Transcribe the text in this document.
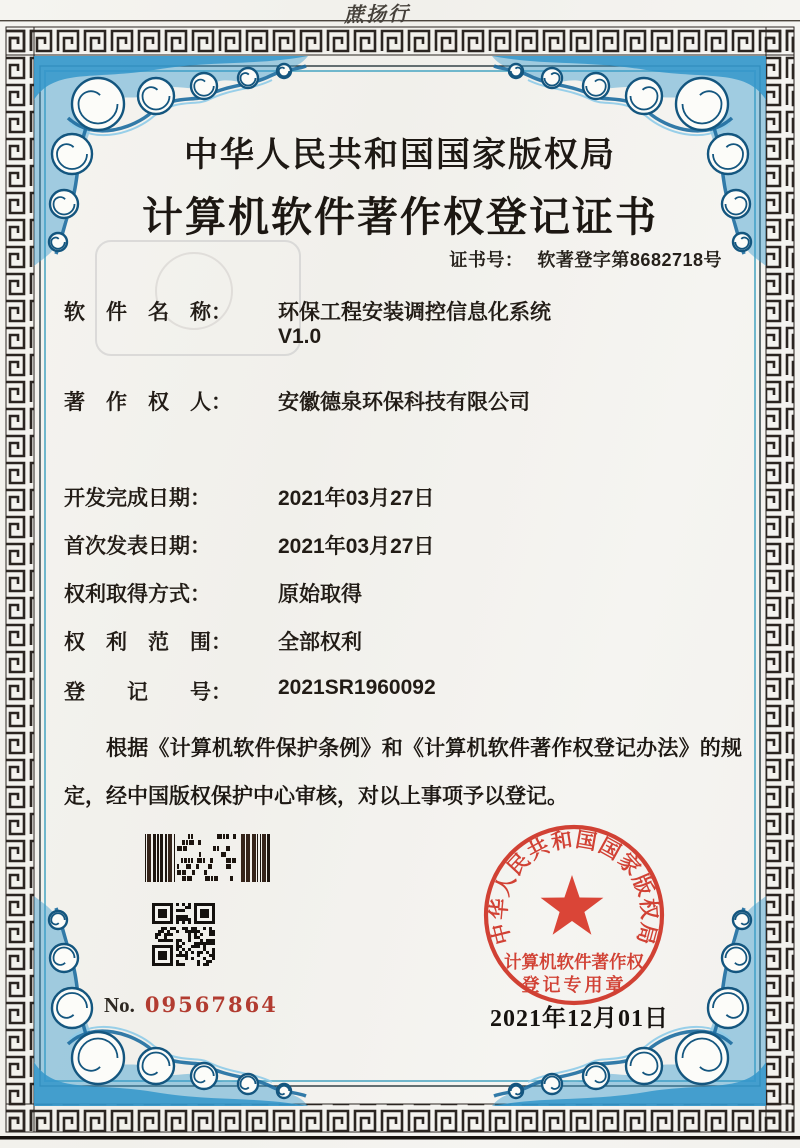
蔗扬行
中华人民共和国国家版权局
计算机软件著作权登记证书
证书号： 软著登字第8682718号
软　件　名　称： 环保工程安装调控信息化系统
V1.0
著　作　权　人： 安徽德泉环保科技有限公司
开发完成日期：	2021年03月27日
首次发表日期：	2021年03月27日
权利取得方式：	原始取得
权　利　范　围： 全部权利
登　　记　　号： 2021SR1960092
根据《计算机软件保护条例》和《计算机软件著作权登记办法》的规定，经中国版权保护中心审核，对以上事项予以登记。
No. 09567864
中华人民共和国国家版权局
计算机软件著作权
登记专用章
2021年12月01日
